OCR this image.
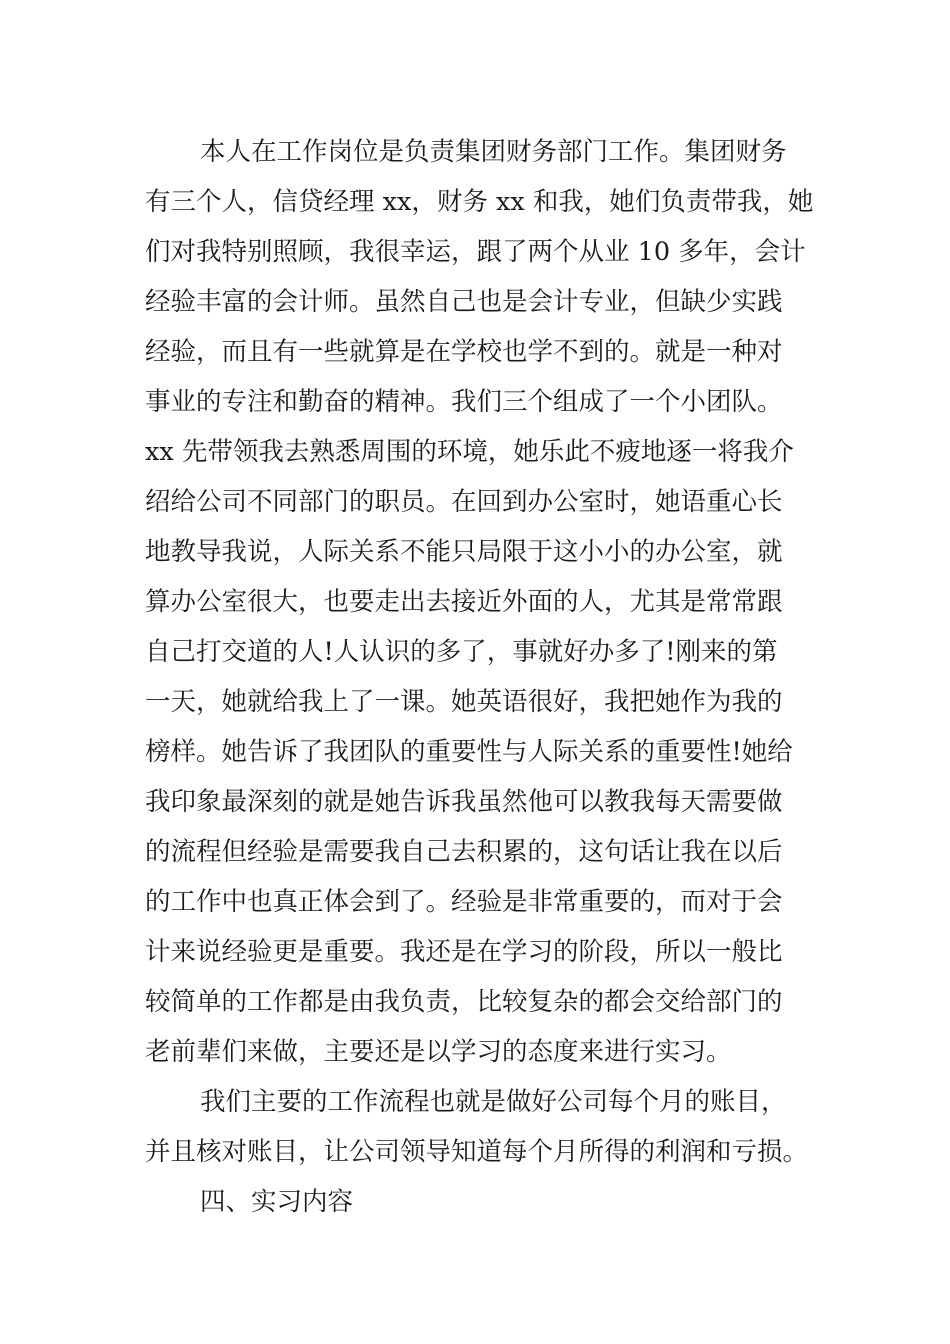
本人在工作岗位是负责集团财务部门工作。集团财务
有三个人，信贷经理 xx，财务 xx 和我，她们负责带我，她
们对我特别照顾，我很幸运，跟了两个从业 10 多年，会计
经验丰富的会计师。虽然自己也是会计专业，但缺少实践
经验，而且有一些就算是在学校也学不到的。就是一种对
事业的专注和勤奋的精神。我们三个组成了一个小团队。
xx 先带领我去熟悉周围的环境，她乐此不疲地逐一将我介
绍给公司不同部门的职员。在回到办公室时，她语重心长
地教导我说，人际关系不能只局限于这小小的办公室，就
算办公室很大，也要走出去接近外面的人，尤其是常常跟
自己打交道的人!人认识的多了，事就好办多了!刚来的第
一天，她就给我上了一课。她英语很好，我把她作为我的
榜样。她告诉了我团队的重要性与人际关系的重要性!她给
我印象最深刻的就是她告诉我虽然他可以教我每天需要做
的流程但经验是需要我自己去积累的，这句话让我在以后
的工作中也真正体会到了。经验是非常重要的，而对于会
计来说经验更是重要。我还是在学习的阶段，所以一般比
较简单的工作都是由我负责，比较复杂的都会交给部门的
老前辈们来做，主要还是以学习的态度来进行实习。
我们主要的工作流程也就是做好公司每个月的账目，
并且核对账目，让公司领导知道每个月所得的利润和亏损。
四、实习内容
